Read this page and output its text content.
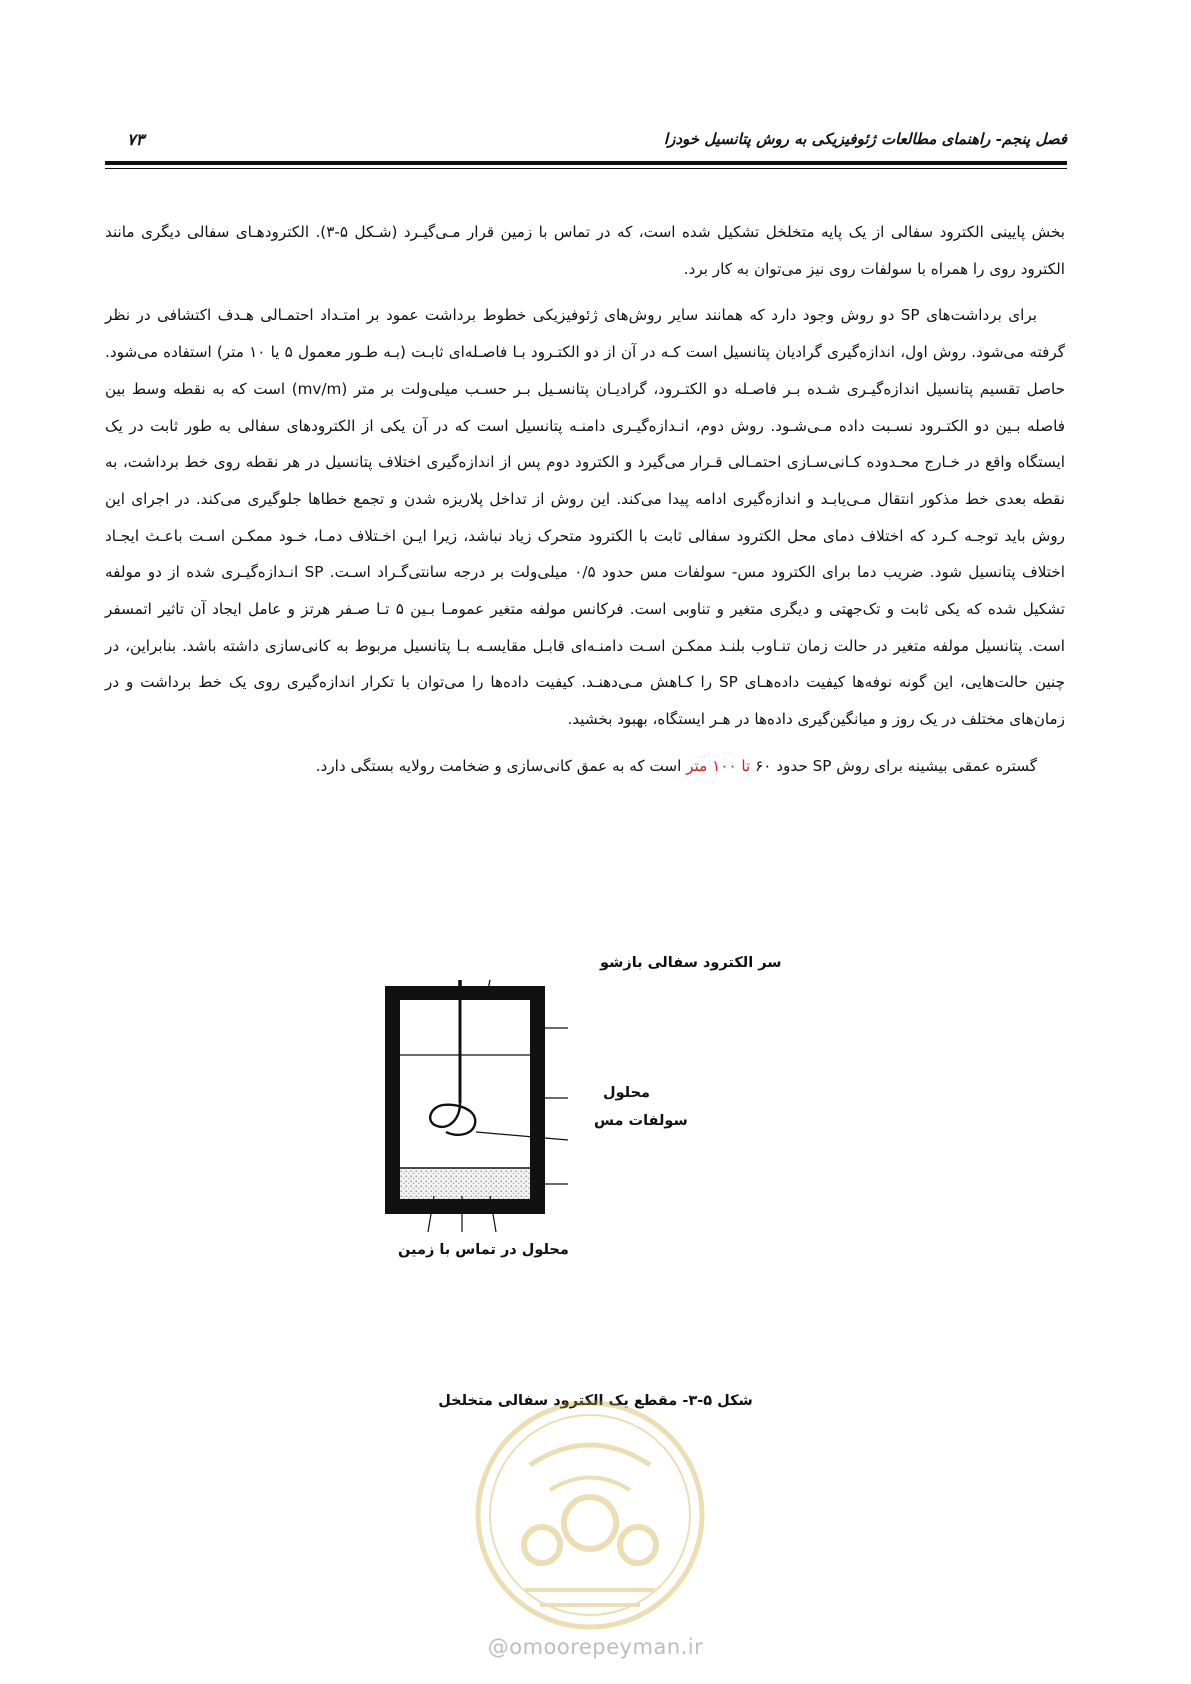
فصل پنجم- راهنمای مطالعات ژئوفیزیکی به روش پتانسیل خودزا
۷۳

بخش پایینی الکترود سفالی از یک پایه متخلخل تشکیل شده است، که در تماس با زمین قرار مـی‌گیـرد (شـکل ۵-۳). الکترودهـای سفالی دیگری مانند الکترود روی را همراه با سولفات روی نیز می‌توان به کار برد.

برای برداشت‌های SP دو روش وجود دارد که همانند سایر روش‌های ژئوفیزیکی خطوط برداشت عمود بر امتـداد احتمـالی هـدف اکتشافی در نظر گرفته می‌شود. روش اول، اندازه‌گیری گرادیان پتانسیل است کـه در آن از دو الکتـرود بـا فاصـله‌ای ثابـت (بـه طـور معمول ۵ یا ۱۰ متر) استفاده می‌شود. حاصل تقسیم پتانسیل اندازه‌گیـری شـده بـر فاصـله دو الکتـرود، گرادیـان پتانسـیل بـر حسـب میلی‌ولت بر متر (mv/m) است که به نقطه وسط بین فاصله بـین دو الکتـرود نسـبت داده مـی‌شـود. روش دوم، انـدازه‌گیـری دامنـه پتانسیل است که در آن یکی از الکترودهای سفالی به طور ثابت در یک ایستگاه واقع در خـارج محـدوده کـانی‌سـازی احتمـالی قـرار می‌گیرد و الکترود دوم پس از اندازه‌گیری اختلاف پتانسیل در هر نقطه روی خط برداشت، به نقطه بعدی خط مذکور انتقال مـی‌یابـد و اندازه‌گیری ادامه پیدا می‌کند. این روش از تداخل پلاریزه شدن و تجمع خطاها جلوگیری می‌کند. در اجرای این روش باید توجـه کـرد که اختلاف دمای محل الکترود سفالی ثابت با الکترود متحرک زیاد نباشد، زیرا ایـن اخـتلاف دمـا، خـود ممکـن اسـت باعـث ایجـاد اختلاف پتانسیل شود. ضریب دما برای الکترود مس- سولفات مس حدود ۰/۵ میلی‌ولت بر درجه سانتی‌گـراد اسـت. SP انـدازه‌گیـری شده از دو مولفه تشکیل شده که یکی ثابت و تک‌جهتی و دیگری متغیر و تناوبی است. فرکانس مولفه متغیر عمومـا بـین ۵ تـا صـفر هرتز و عامل ایجاد آن تاثیر اتمسفر است. پتانسیل مولفه متغیر در حالت زمان تنـاوب بلنـد ممکـن اسـت دامنـه‌ای قابـل مقایسـه بـا پتانسیل مربوط به کانی‌سازی داشته باشد. بنابراین، در چنین حالت‌هایی، این گونه نوفه‌ها کیفیت داده‌هـای SP را کـاهش مـی‌دهنـد. کیفیت داده‌ها را می‌توان با تکرار اندازه‌گیری روی یک خط برداشت و در زمان‌های مختلف در یک روز و میانگین‌گیری داده‌ها در هـر ایستگاه، بهبود بخشید.

گستره عمقی بیشینه برای روش SP حدود ۶۰ تا ۱۰۰ متر است که به عمق کانی‌سازی و ضخامت رولایه بستگی دارد.

سر الکترود سفالی بازشو
محلول
سولفات مس
محلول در تماس با زمین
شکل ۵-۳- مقطع یک الکترود سفالی متخلخل
@omoorepeyman.ir
